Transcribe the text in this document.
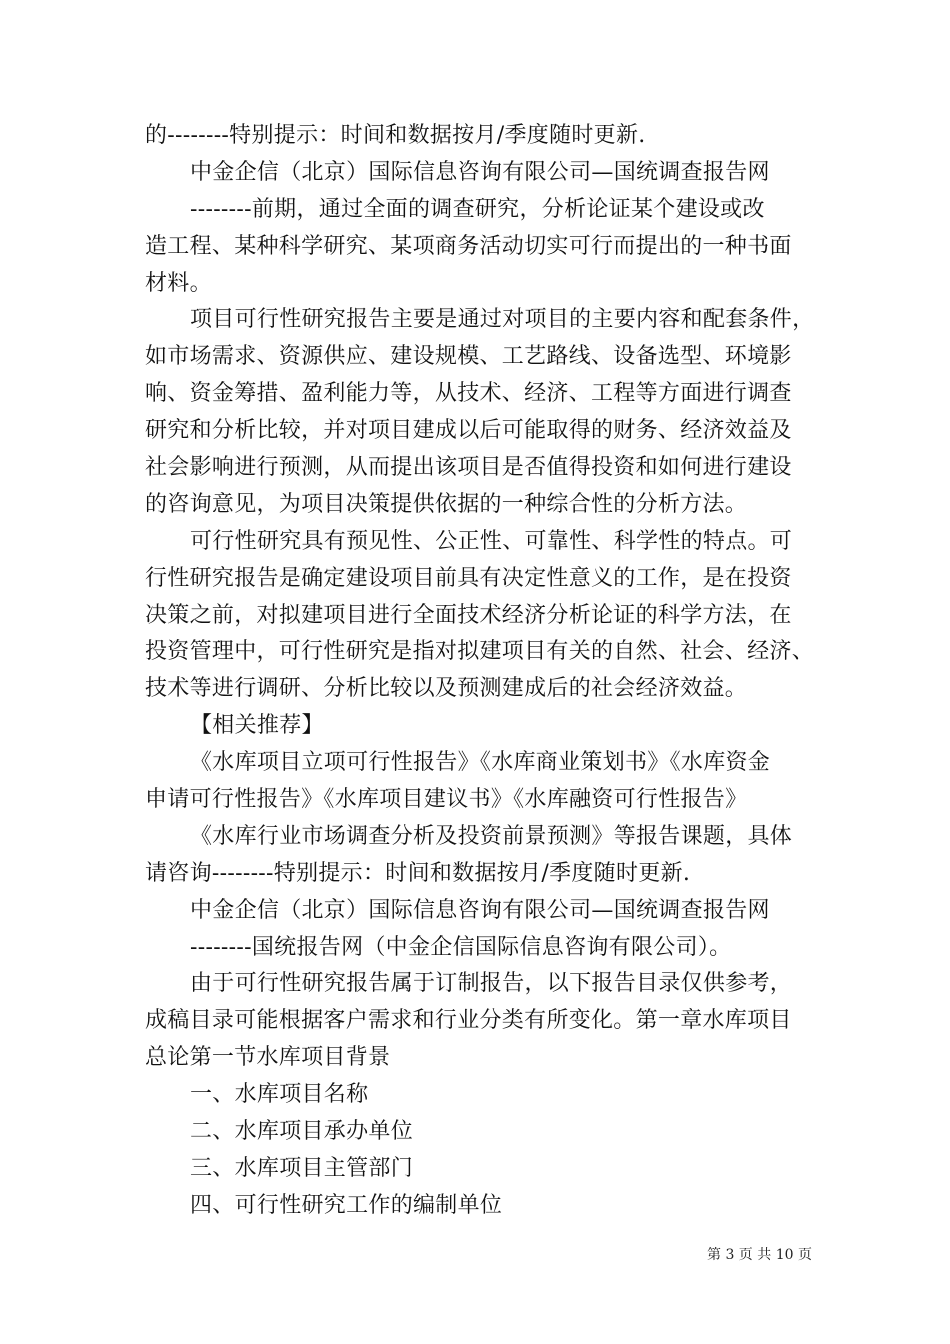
的--------特别提示：时间和数据按月/季度随时更新.
中金企信（北京）国际信息咨询有限公司—国统调查报告网
--------前期，通过全面的调查研究，分析论证某个建设或改
造工程、某种科学研究、某项商务活动切实可行而提出的一种书面
材料。
项目可行性研究报告主要是通过对项目的主要内容和配套条件，
如市场需求、资源供应、建设规模、工艺路线、设备选型、环境影
响、资金筹措、盈利能力等，从技术、经济、工程等方面进行调查
研究和分析比较，并对项目建成以后可能取得的财务、经济效益及
社会影响进行预测，从而提出该项目是否值得投资和如何进行建设
的咨询意见，为项目决策提供依据的一种综合性的分析方法。
可行性研究具有预见性、公正性、可靠性、科学性的特点。可
行性研究报告是确定建设项目前具有决定性意义的工作，是在投资
决策之前，对拟建项目进行全面技术经济分析论证的科学方法，在
投资管理中，可行性研究是指对拟建项目有关的自然、社会、经济、
技术等进行调研、分析比较以及预测建成后的社会经济效益。
【相关推荐】
《水库项目立项可行性报告》《水库商业策划书》《水库资金
申请可行性报告》《水库项目建议书》《水库融资可行性报告》
《水库行业市场调查分析及投资前景预测》等报告课题，具体
请咨询--------特别提示：时间和数据按月/季度随时更新.
中金企信（北京）国际信息咨询有限公司—国统调查报告网
--------国统报告网（中金企信国际信息咨询有限公司）。
由于可行性研究报告属于订制报告，以下报告目录仅供参考，
成稿目录可能根据客户需求和行业分类有所变化。第一章水库项目
总论第一节水库项目背景
一、水库项目名称
二、水库项目承办单位
三、水库项目主管部门
四、可行性研究工作的编制单位
第 3 页 共 10 页
